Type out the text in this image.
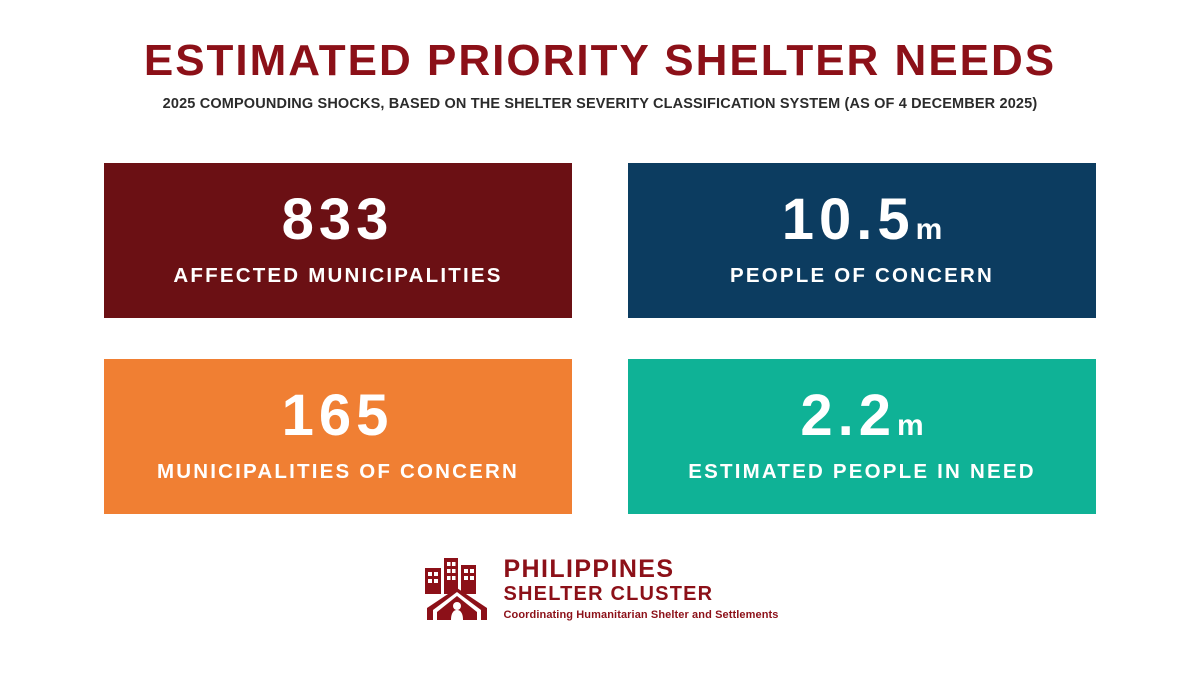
ESTIMATED PRIORITY SHELTER NEEDS

2025 COMPOUNDING SHOCKS, BASED ON THE SHELTER SEVERITY CLASSIFICATION SYSTEM (AS OF 4 DECEMBER 2025)

833
AFFECTED MUNICIPALITIES
10.5 m
PEOPLE OF CONCERN
165
MUNICIPALITIES OF CONCERN
2.2 m
ESTIMATED PEOPLE IN NEED
PHILIPPINES
SHELTER CLUSTER
Coordinating Humanitarian Shelter and Settlements
